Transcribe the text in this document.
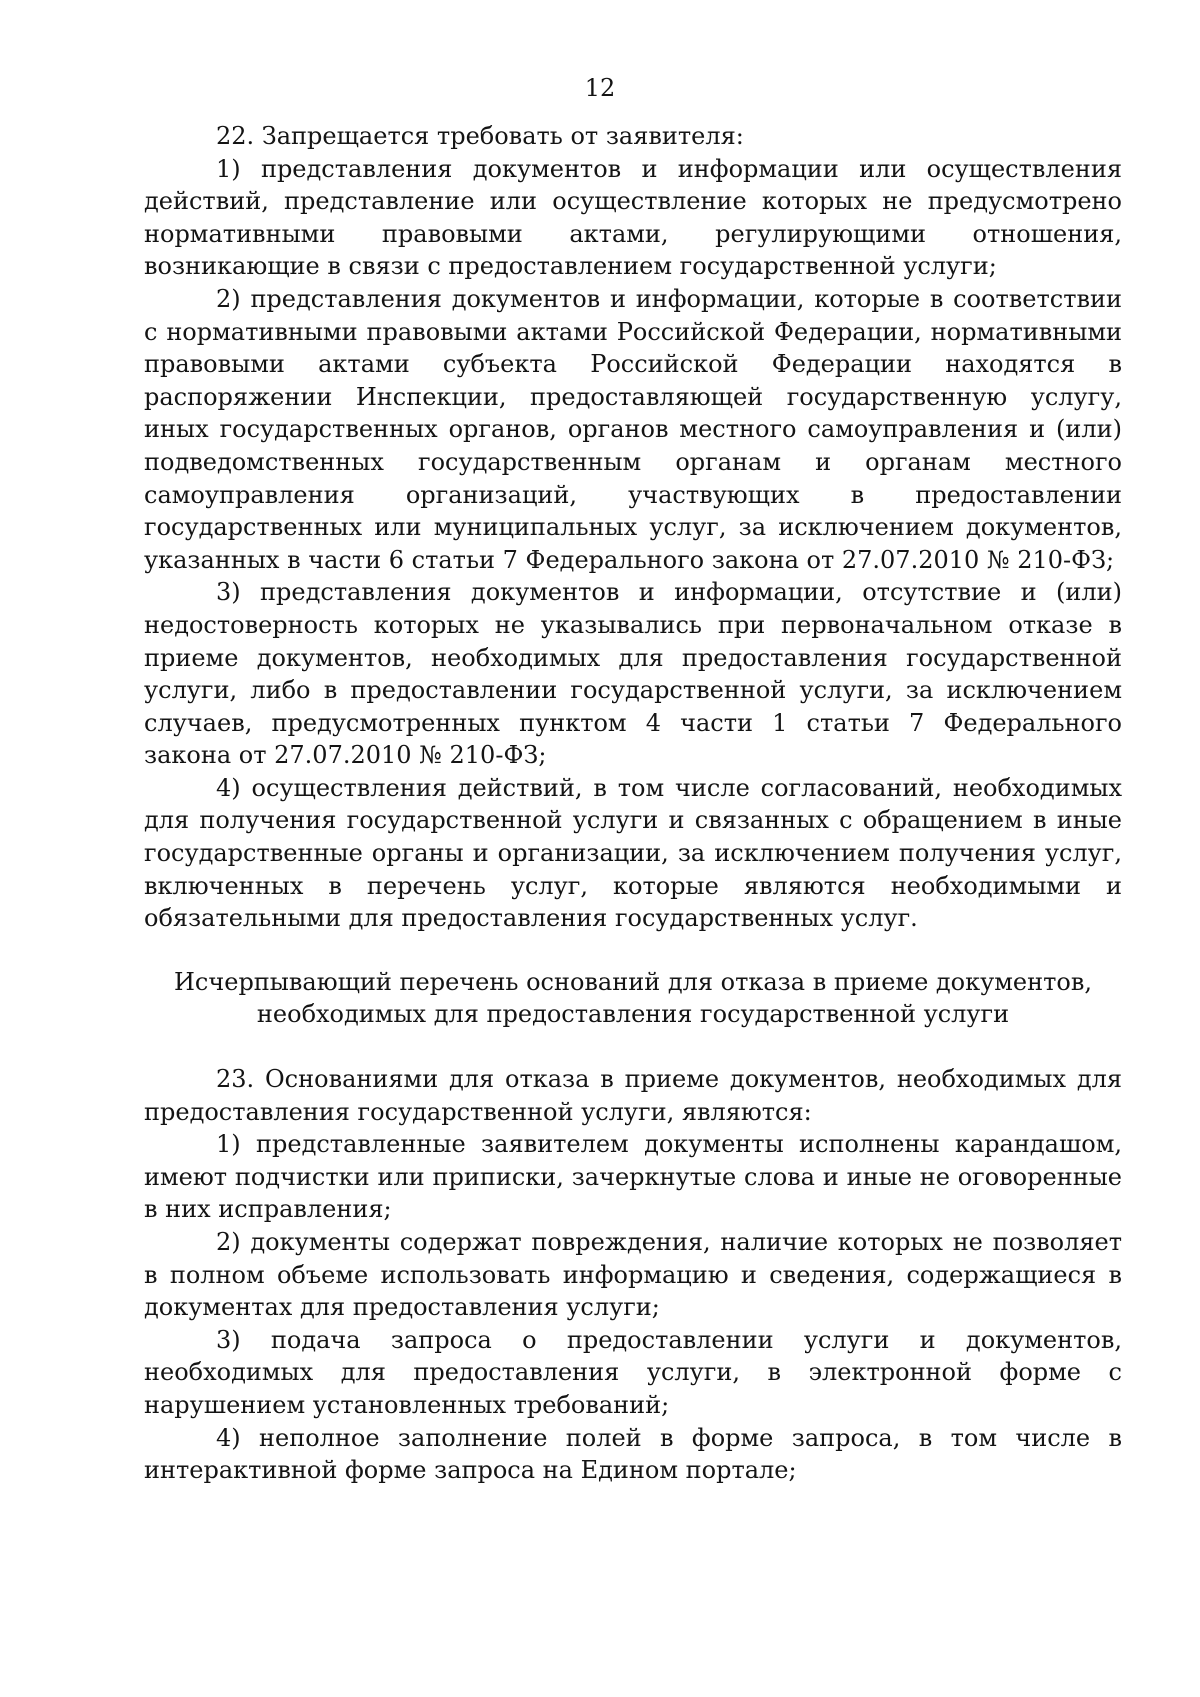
12

22. Запрещается требовать от заявителя:

1) представления документов и информации или осуществления действий, представление или осуществление которых не предусмотрено нормативными правовыми актами, регулирующими отношения, возникающие в связи с предоставлением государственной услуги;

2) представления документов и информации, которые в соответствии с нормативными правовыми актами Российской Федерации, нормативными правовыми актами субъекта Российской Федерации находятся в распоряжении Инспекции, предоставляющей государственную услугу, иных государственных органов, органов местного самоуправления и (или) подведомственных государственным органам и органам местного самоуправления организаций, участвующих в предоставлении государственных или муниципальных услуг, за исключением документов, указанных в части 6 статьи 7 Федерального закона от 27.07.2010 № 210-ФЗ;

3) представления документов и информации, отсутствие и (или) недостоверность которых не указывались при первоначальном отказе в приеме документов, необходимых для предоставления государственной услуги, либо в предоставлении государственной услуги, за исключением случаев, предусмотренных пунктом 4 части 1 статьи 7 Федерального закона от 27.07.2010 № 210-ФЗ;

4) осуществления действий, в том числе согласований, необходимых для получения государственной услуги и связанных с обращением в иные государственные органы и организации, за исключением получения услуг, включенных в перечень услуг, которые являются необходимыми и обязательными для предоставления государственных услуг.

Исчерпывающий перечень оснований для отказа в приеме документов,
необходимых для предоставления государственной услуги

23. Основаниями для отказа в приеме документов, необходимых для предоставления государственной услуги, являются:

1) представленные заявителем документы исполнены карандашом, имеют подчистки или приписки, зачеркнутые слова и иные не оговоренные в них исправления;

2) документы содержат повреждения, наличие которых не позволяет в полном объеме использовать информацию и сведения, содержащиеся в документах для предоставления услуги;

3) подача запроса о предоставлении услуги и документов, необходимых для предоставления услуги, в электронной форме с нарушением установленных требований;

4) неполное заполнение полей в форме запроса, в том числе в интерактивной форме запроса на Едином портале;
